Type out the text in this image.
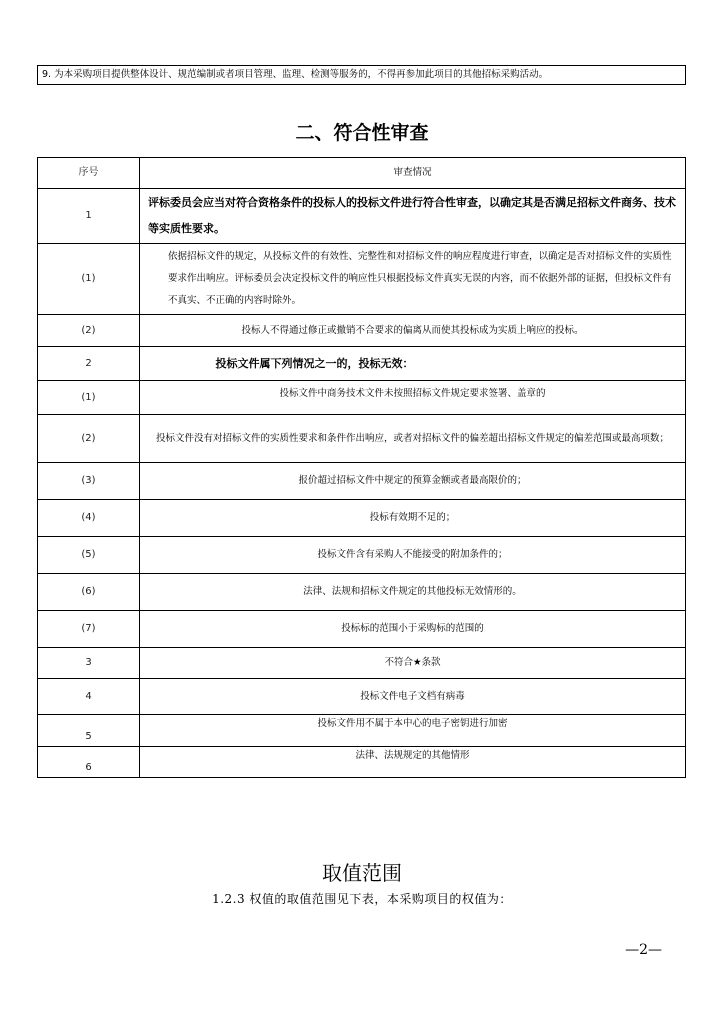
9. 为本采购项目提供整体设计、规范编制或者项目管理、监理、检测等服务的，不得再参加此项目的其他招标采购活动。
二、符合性审查
序号	审查情况
1	评标委员会应当对符合资格条件的投标人的投标文件进行符合性审查，以确定其是否满足招标文件商务、技术等实质性要求。
(1)	依据招标文件的规定，从投标文件的有效性、完整性和对招标文件的响应程度进行审查，以确定是否对招标文件的实质性要求作出响应。评标委员会决定投标文件的响应性只根据投标文件真实无误的内容，而不依据外部的证据，但投标文件有不真实、不正确的内容时除外。

(2)	投标人不得通过修正或撤销不合要求的偏离从而使其投标成为实质上响应的投标。
2	投标文件属下列情况之一的，投标无效：
(1)	投标文件中商务技术文件未按照招标文件规定要求签署、盖章的
(2)	投标文件没有对招标文件的实质性要求和条件作出响应，或者对招标文件的偏差超出招标文件规定的偏差范围或最高项数；
(3)	报价超过招标文件中规定的预算金额或者最高限价的；
(4)	投标有效期不足的；
(5)	投标文件含有采购人不能接受的附加条件的；
(6)	法律、法规和招标文件规定的其他投标无效情形的。
(7)	投标标的范围小于采购标的范围的
3	不符合★条款
4	投标文件电子文档有病毒
5	投标文件用不属于本中心的电子密钥进行加密
6	法律、法规规定的其他情形
取值范围
1.2.3 权值的取值范围见下表，本采购项目的权值为：
—2—
